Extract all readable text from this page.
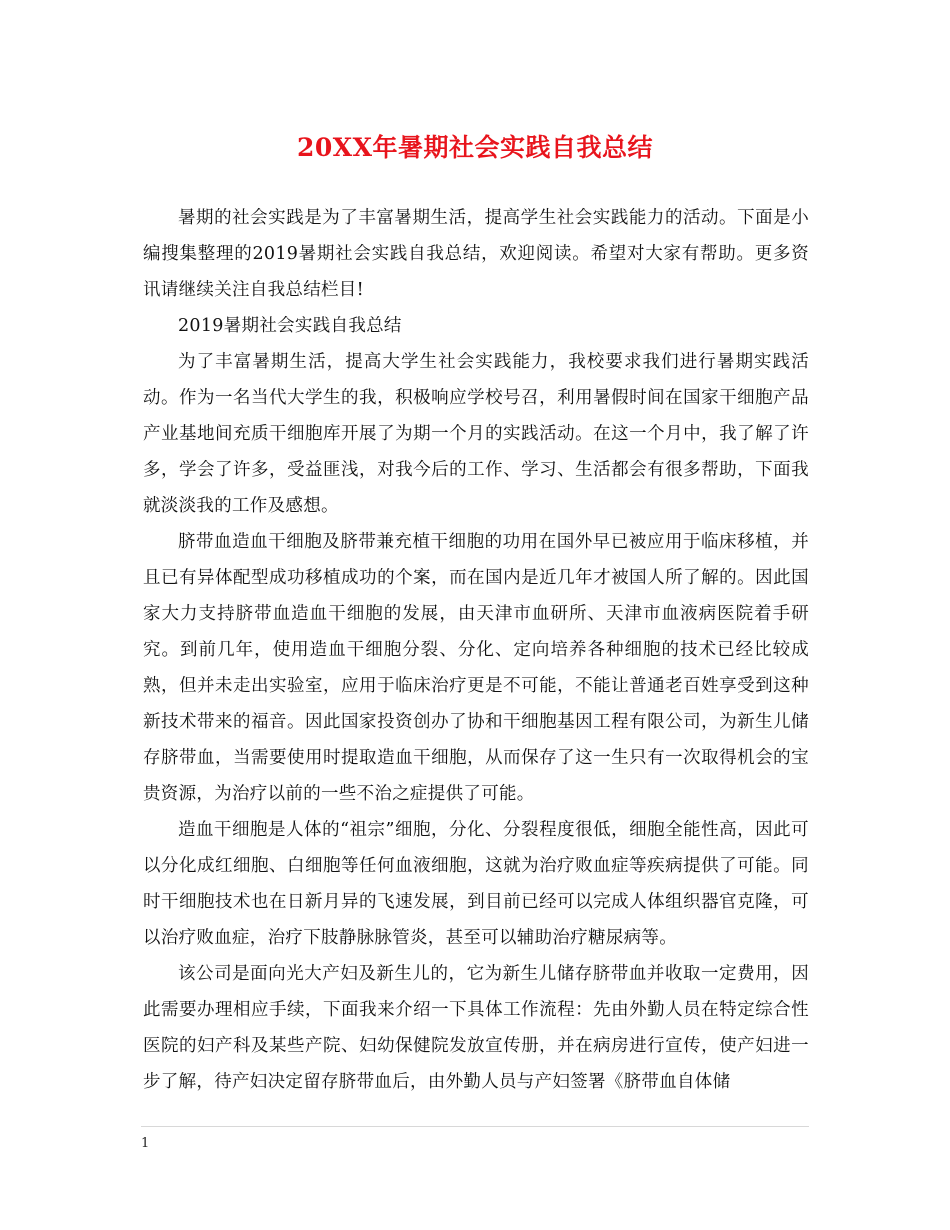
20XX年暑期社会实践自我总结

暑期的社会实践是为了丰富暑期生活，提高学生社会实践能力的活动。下面是小编搜集整理的2019暑期社会实践自我总结，欢迎阅读。希望对大家有帮助。更多资讯请继续关注自我总结栏目!

2019暑期社会实践自我总结

为了丰富暑期生活，提高大学生社会实践能力，我校要求我们进行暑期实践活动。作为一名当代大学生的我，积极响应学校号召，利用暑假时间在国家干细胞产品产业基地间充质干细胞库开展了为期一个月的实践活动。在这一个月中，我了解了许多，学会了许多，受益匪浅，对我今后的工作、学习、生活都会有很多帮助，下面我就淡淡我的工作及感想。

脐带血造血干细胞及脐带兼充植干细胞的功用在国外早已被应用于临床移植，并且已有异体配型成功移植成功的个案，而在国内是近几年才被国人所了解的。因此国家大力支持脐带血造血干细胞的发展，由天津市血研所、天津市血液病医院着手研究。到前几年，使用造血干细胞分裂、分化、定向培养各种细胞的技术已经比较成熟，但并未走出实验室，应用于临床治疗更是不可能，不能让普通老百姓享受到这种新技术带来的福音。因此国家投资创办了协和干细胞基因工程有限公司，为新生儿储存脐带血，当需要使用时提取造血干细胞，从而保存了这一生只有一次取得机会的宝贵资源，为治疗以前的一些不治之症提供了可能。

造血干细胞是人体的“祖宗”细胞，分化、分裂程度很低，细胞全能性高，因此可以分化成红细胞、白细胞等任何血液细胞，这就为治疗败血症等疾病提供了可能。同时干细胞技术也在日新月异的飞速发展，到目前已经可以完成人体组织器官克隆，可以治疗败血症，治疗下肢静脉脉管炎，甚至可以辅助治疗糖尿病等。

该公司是面向光大产妇及新生儿的，它为新生儿储存脐带血并收取一定费用，因此需要办理相应手续，下面我来介绍一下具体工作流程：先由外勤人员在特定综合性医院的妇产科及某些产院、妇幼保健院发放宣传册，并在病房进行宣传，使产妇进一步了解，待产妇决定留存脐带血后，由外勤人员与产妇签署《脐带血自体储

1
